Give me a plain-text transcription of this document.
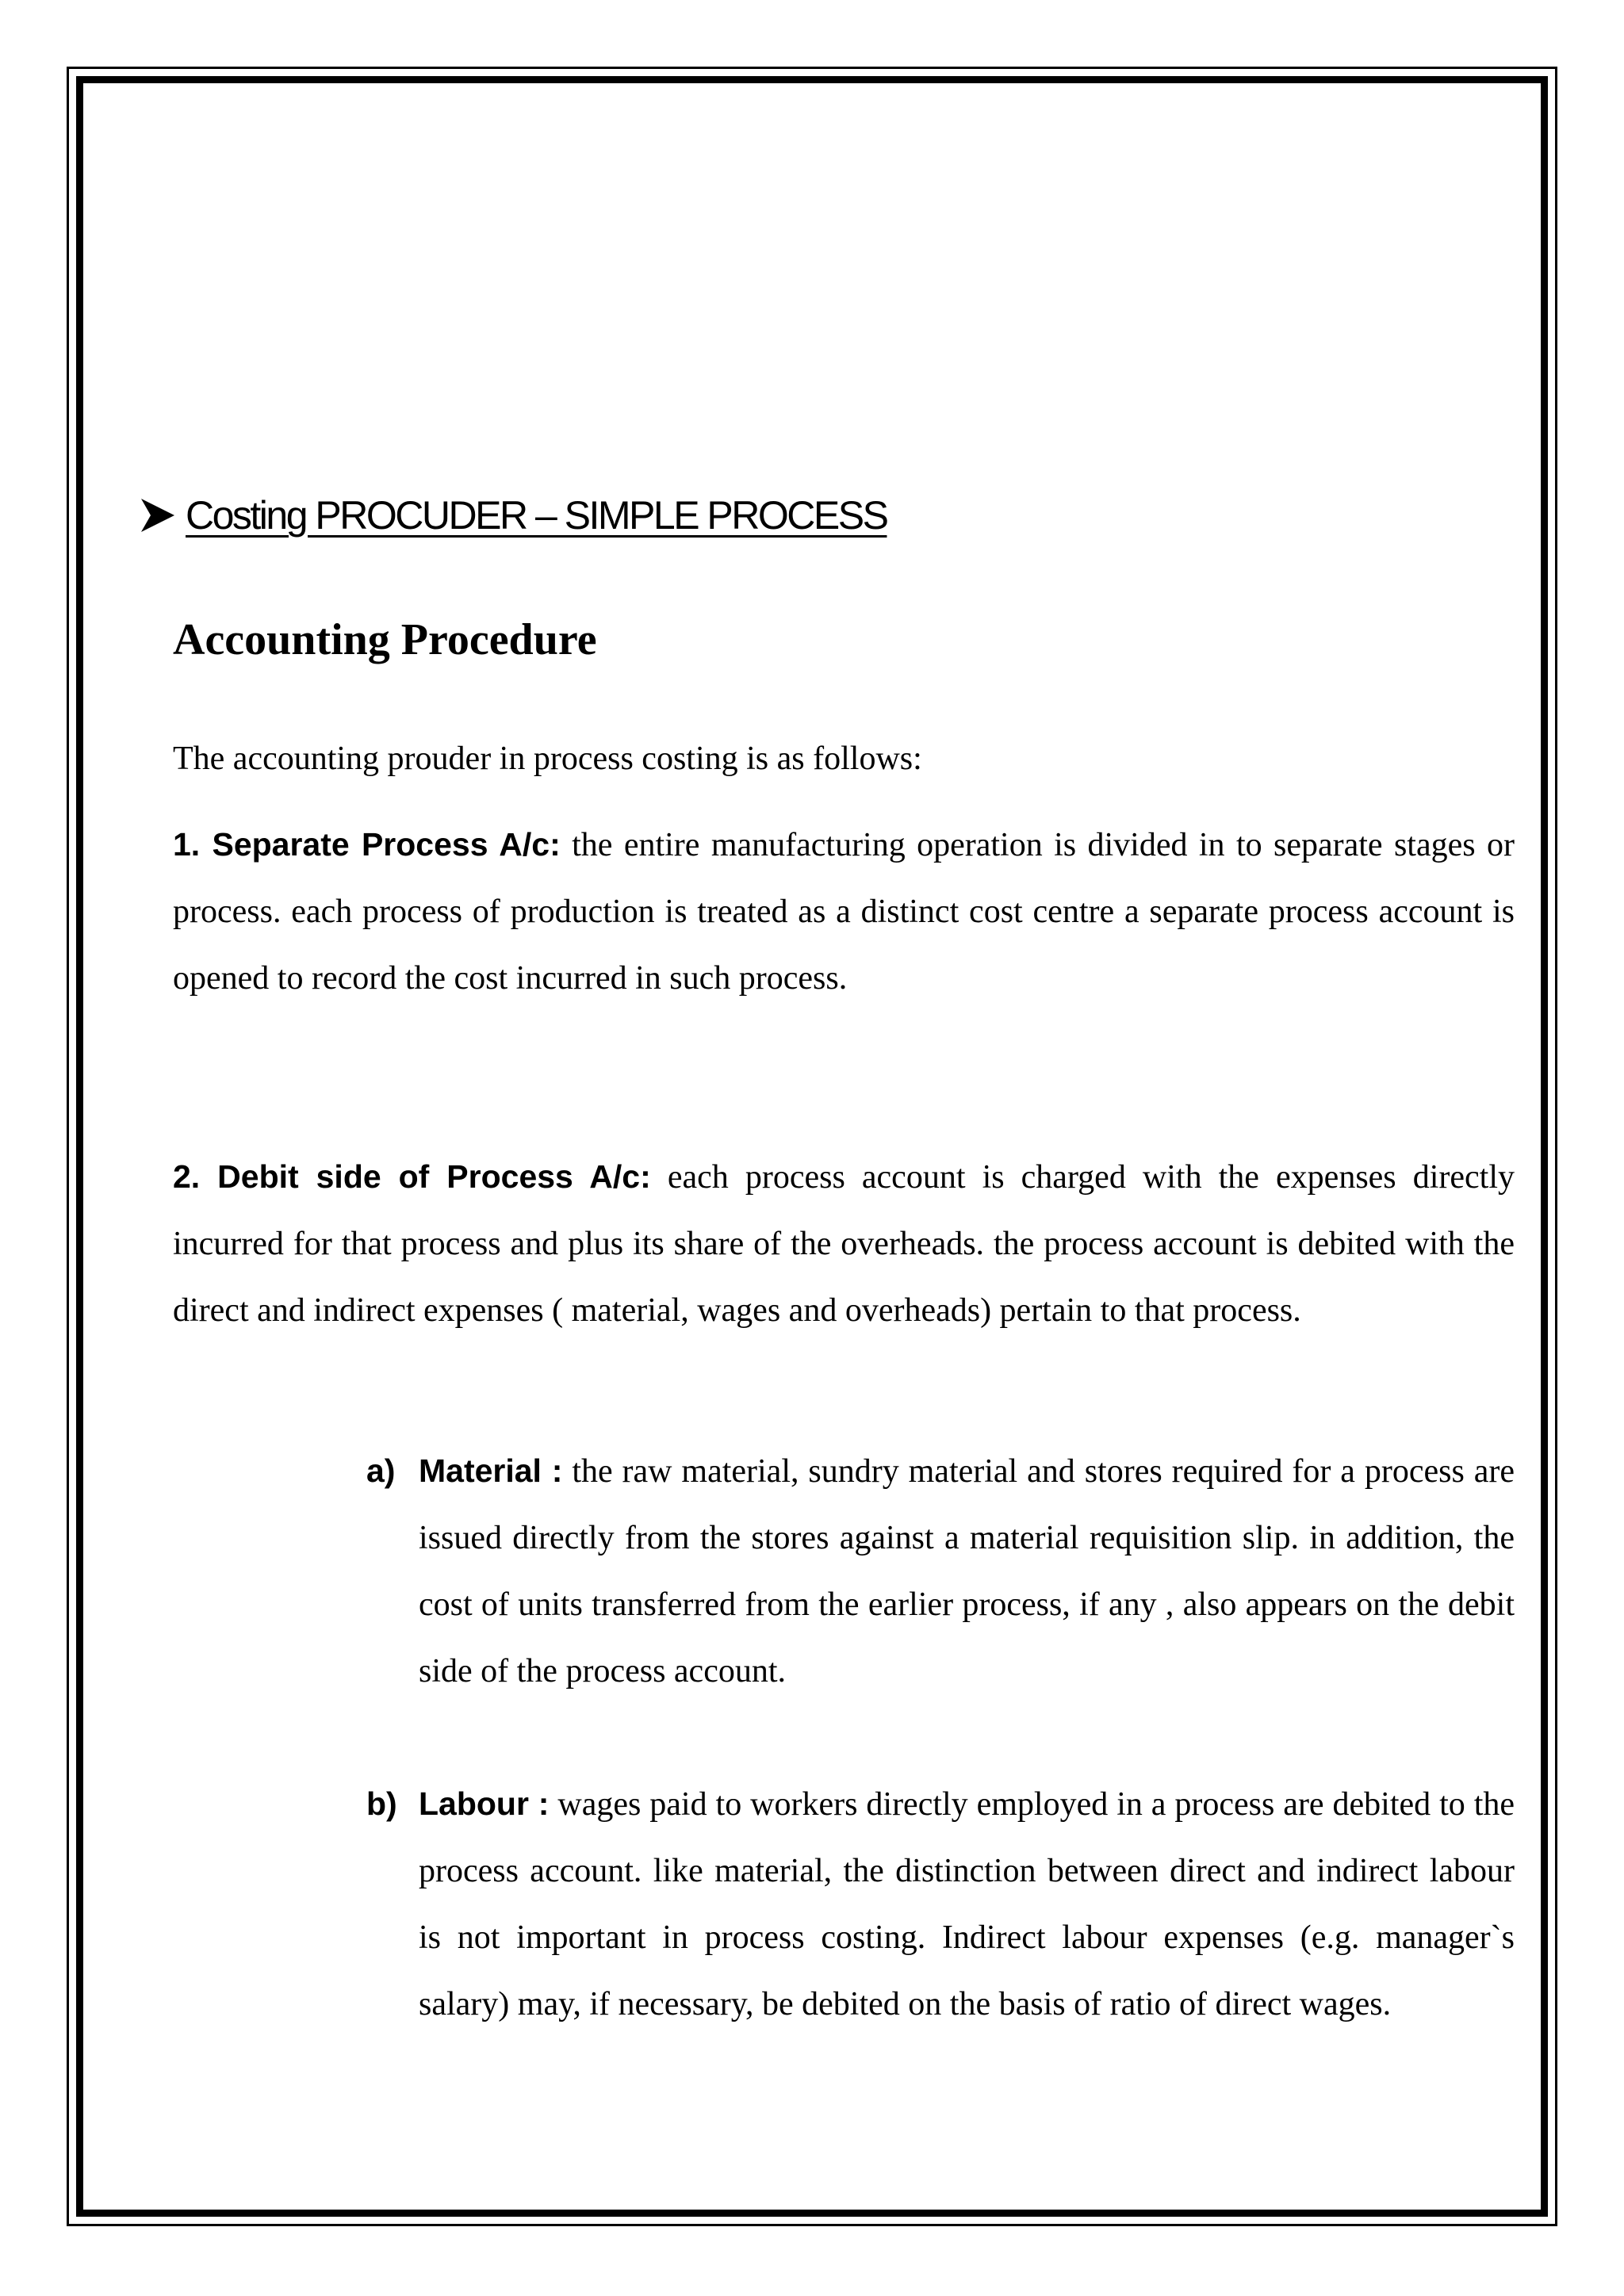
Costing PROCUDER – SIMPLE PROCESS
Accounting Procedure

The accounting prouder in process costing is as follows:

1. Separate Process A/c: the entire manufacturing operation is divided in to separate stages or process. each process of production is treated as a distinct cost centre a separate process account is opened to record the cost incurred in such process.

2. Debit side of Process A/c: each process account is charged with the expenses directly incurred for that process and plus its share of the overheads. the process account is debited with the direct and indirect expenses ( material, wages and overheads) pertain to that process.

a) Material : the raw material, sundry material and stores required for a process are issued directly from the stores against a material requisition slip. in addition, the cost of units transferred from the earlier process, if any , also appears on the debit side of the process account.

b) Labour : wages paid to workers directly employed in a process are debited to the process account. like material, the distinction between direct and indirect labour is not important in process costing. Indirect labour expenses (e.g. manager`s salary) may, if necessary, be debited on the basis of ratio of direct wages.
